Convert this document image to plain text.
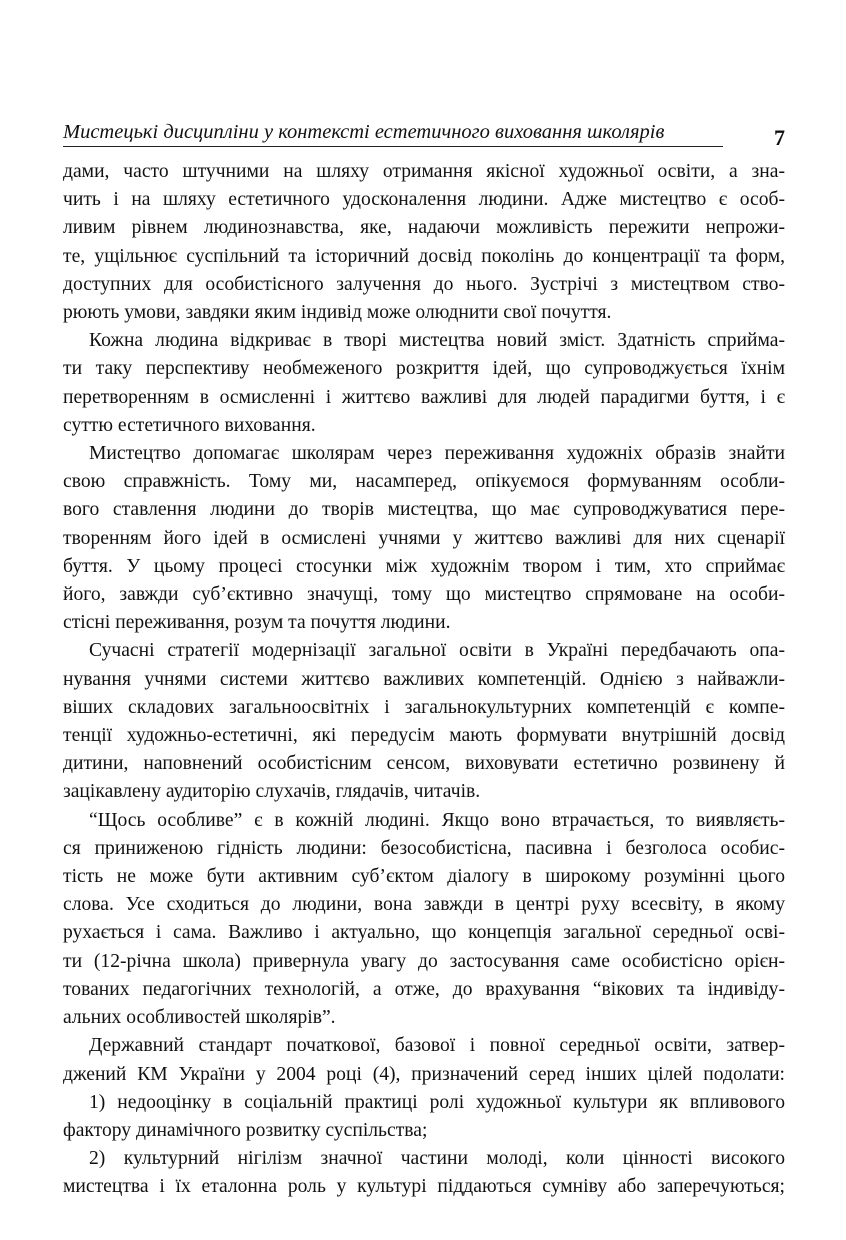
Мистецькі дисципліни у контексті естетичного виховання школярів	7
дами, часто штучними на шляху отримання якісної художньої освіти, а зна-
чить і на шляху естетичного удосконалення людини. Адже мистецтво є особ-
ливим рівнем людинознавства, яке, надаючи можливість пережити непрожи-
те, ущільнює суспільний та історичний досвід поколінь до концентрації та форм,
доступних для особистісного залучення до нього. Зустрічі з мистецтвом ство-
рюють умови, завдяки яким індивід може олюднити свої почуття.
Кожна людина відкриває в творі мистецтва новий зміст. Здатність сприйма-
ти таку перспективу необмеженого розкриття ідей, що супроводжується їхнім
перетворенням в осмисленні і життєво важливі для людей парадигми буття, і є
суттю естетичного виховання.
Мистецтво допомагає школярам через переживання художніх образів знайти
свою справжність. Тому ми, насамперед, опікуємося формуванням особли-
вого ставлення людини до творів мистецтва, що має супроводжуватися пере-
творенням його ідей в осмислені учнями у життєво важливі для них сценарії
буття. У цьому процесі стосунки між художнім твором і тим, хто сприймає
його, завжди суб’єктивно значущі, тому що мистецтво спрямоване на особи-
стісні переживання, розум та почуття людини.
Сучасні стратегії модернізації загальної освіти в Україні передбачають опа-
нування учнями системи життєво важливих компетенцій. Однією з найважли-
віших складових загальноосвітніх і загальнокультурних компетенцій є компе-
тенції художньо-естетичні, які передусім мають формувати внутрішній досвід
дитини, наповнений особистісним сенсом, виховувати естетично розвинену й
зацікавлену аудиторію слухачів, глядачів, читачів.
“Щось особливе” є в кожній людині. Якщо воно втрачається, то виявляєть-
ся приниженою гідність людини: безособистісна, пасивна і безголоса особис-
тість не може бути активним суб’єктом діалогу в широкому розумінні цього
слова. Усе сходиться до людини, вона завжди в центрі руху всесвіту, в якому
рухається і сама. Важливо і актуально, що концепція загальної середньої осві-
ти (12-річна школа) привернула увагу до застосування саме особистісно орієн-
тованих педагогічних технологій, а отже, до врахування “вікових та індивіду-
альних особливостей школярів”.
Державний стандарт початкової, базової і повної середньої освіти, затвер-
джений КМ України у 2004 році (4), призначений серед інших цілей подолати:
1) недооцінку в соціальній практиці ролі художньої культури як впливового
фактору динамічного розвитку суспільства;
2) культурний нігілізм значної частини молоді, коли цінності високого
мистецтва і їх еталонна роль у культурі піддаються сумніву або заперечуються;
